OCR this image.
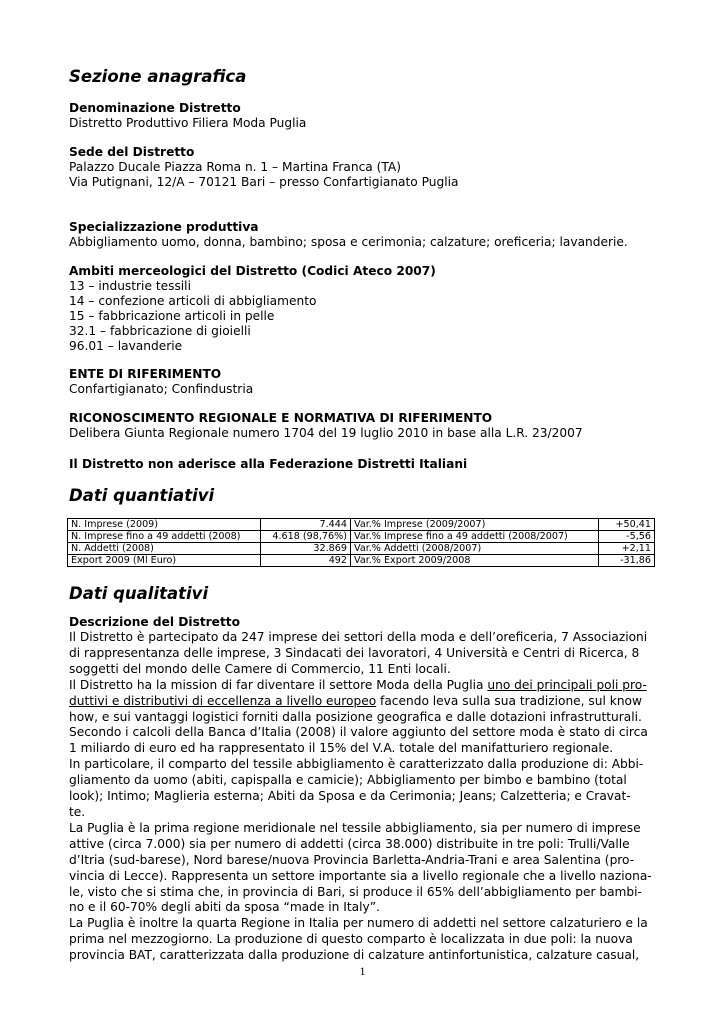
Sezione anagrafica
Denominazione Distretto
Distretto Produttivo Filiera Moda Puglia
Sede del Distretto
Palazzo Ducale Piazza Roma n. 1 – Martina Franca (TA)
Via Putignani, 12/A – 70121 Bari – presso Confartigianato Puglia
Specializzazione produttiva
Abbigliamento uomo, donna, bambino; sposa e cerimonia; calzature; oreficeria; lavanderie.
Ambiti merceologici del Distretto (Codici Ateco 2007)
13 – industrie tessili
14 – confezione articoli di abbigliamento
15 – fabbricazione articoli in pelle
32.1 – fabbricazione di gioielli
96.01 – lavanderie
ENTE DI RIFERIMENTO
Confartigianato; Confindustria
RICONOSCIMENTO REGIONALE E NORMATIVA DI RIFERIMENTO
Delibera Giunta Regionale numero 1704 del 19 luglio 2010 in base alla L.R. 23/2007
Il Distretto non aderisce alla Federazione Distretti Italiani
Dati quantiativi
N. Imprese (2009)	7.444	Var.% Imprese (2009/2007)	+50,41
N. Imprese fino a 49 addetti (2008)	4.618 (98,76%)	Var.% Imprese fino a 49 addetti (2008/2007)	-5,56
N. Addetti (2008)	32.869	Var.% Addetti (2008/2007)	+2,11
Export 2009 (Ml Euro)	492	Var.% Export 2009/2008	-31,86
Dati qualitativi
Descrizione del Distretto
Il Distretto è partecipato da 247 imprese dei settori della moda e dell’oreficeria, 7 Associazioni
di rappresentanza delle imprese, 3 Sindacati dei lavoratori, 4 Università e Centri di Ricerca, 8
soggetti del mondo delle Camere di Commercio, 11 Enti locali.
Il Distretto ha la mission di far diventare il settore Moda della Puglia uno dei principali poli pro-
duttivi e distributivi di eccellenza a livello europeo facendo leva sulla sua tradizione, sul know
how, e sui vantaggi logistici forniti dalla posizione geografica e dalle dotazioni infrastrutturali.
Secondo i calcoli della Banca d’Italia (2008) il valore aggiunto del settore moda è stato di circa
1 miliardo di euro ed ha rappresentato il 15% del V.A. totale del manifatturiero regionale.
In particolare, il comparto del tessile abbigliamento è caratterizzato dalla produzione di: Abbi-
gliamento da uomo (abiti, capispalla e camicie); Abbigliamento per bimbo e bambino (total
look); Intimo; Maglieria esterna; Abiti da Sposa e da Cerimonia; Jeans; Calzetteria; e Cravat-
te.
La Puglia è la prima regione meridionale nel tessile abbigliamento, sia per numero di imprese
attive (circa 7.000) sia per numero di addetti (circa 38.000) distribuite in tre poli: Trulli/Valle
d’Itria (sud-barese), Nord barese/nuova Provincia Barletta-Andria-Trani e area Salentina (pro-
vincia di Lecce). Rappresenta un settore importante sia a livello regionale che a livello naziona-
le, visto che si stima che, in provincia di Bari, si produce il 65% dell’abbigliamento per bambi-
no e il 60-70% degli abiti da sposa “made in Italy”.
La Puglia è inoltre la quarta Regione in Italia per numero di addetti nel settore calzaturiero e la
prima nel mezzogiorno. La produzione di questo comparto è localizzata in due poli: la nuova
provincia BAT, caratterizzata dalla produzione di calzature antinfortunistica, calzature casual,
1
